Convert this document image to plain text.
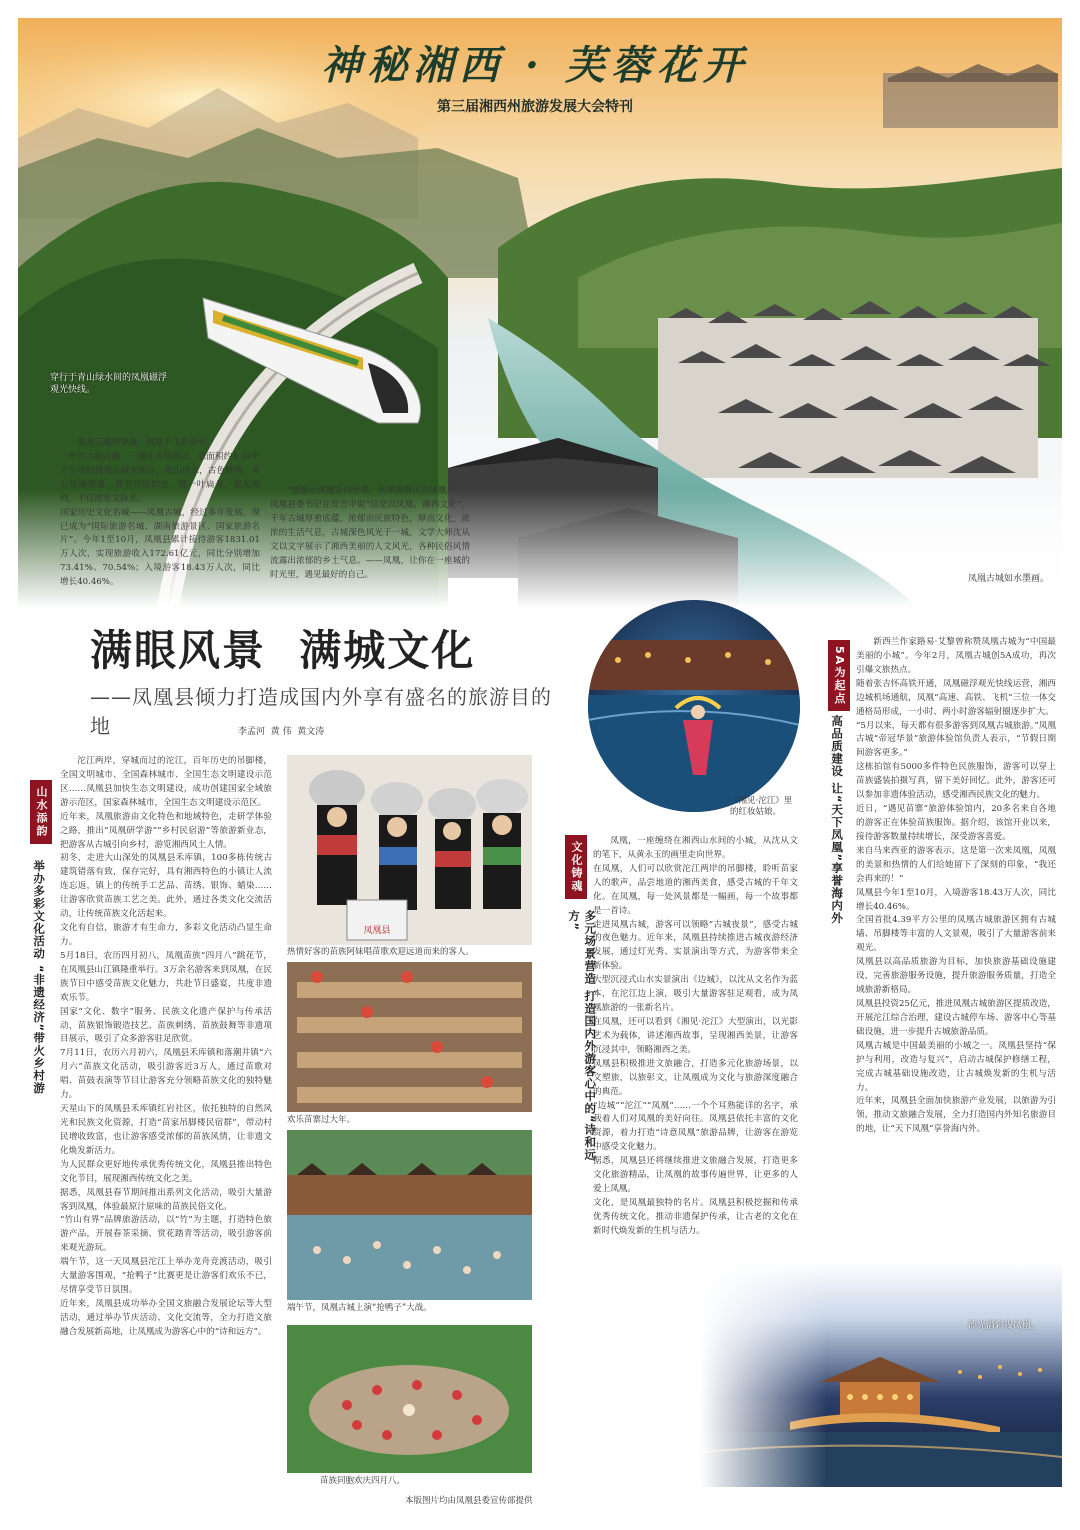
神秘湘西 · 芙蓉花开
第三届湘西州旅游发展大会特刊
穿行于青山绿水间的凤凰磁浮观光快线。
凤凰古城如水墨画。
墨画云湘浮翠黛，凤凰千飞彩幸光。
一些有古韵古城，一湘江水悠悠过。总面积约4.39平方公里的凤凰古城老街区，依山傍水，古色鲜艳，青石板铺街道，观者赏佳的史，撑一叶扁舟，观光湘西，不仅浓是文脉美。
国家历史文化名城——凤凰古城，经过多年发展，现已成为“国际旅游名城、湖南旅游景区、国家旅游名片”。今年1至10月，凤凰县累计接待游客1831.01万人次，实现旅游收入172.61亿元，同比分别增加73.41%、70.54%；入境游客18.43万人次，同比增长40.46%。
“旅游让凤凰走向世界，世界凤凰认识凤凰。”
凤凰县委书记在发言中说“这是以凤凰、湘西文化”，千年古城厚重底蕴，浓郁而民族特色，厚而文化，浓浓的生活气息，古城深色风光于一城，文学大师沈从文以文字展示了湘西美丽的人文风光，各种民俗风情流露出浓郁的乡土气息。——凤凰，让你在一座城的时光里，遇见最好的自己。
满眼风景  满城文化
——凤凰县倾力打造成国内外享有盛名的旅游目的地	李孟河  黄 伟  黄文涛
《湘见·沱江》里的红妆姑娘。
山水添韵
举办多彩文化活动 “非遗经济”带火乡村游
沱江两岸，穿城而过的沱江，百年历史的吊脚楼，全国文明城市、全国森林城市、全国生态文明建设示范区……凤凰县加快生态文明建设，成功创建国家全域旅游示范区，国家森林城市，全国生态文明建设示范区。
近年来，凤凰旅游由文化特色和地域特色，走研学体验之路，推出“凤凰研学游”“乡村民宿游”等旅游新业态，把游客从古城引向乡村，游览湘西风土人情。
初冬，走进大山深处的凤凰县禾库镇，100多栋传统古建筑错落有致，保存完好，具有湘西特色的小镇让人流连忘返，镇上的传统手工艺品、苗绣、银饰、蜡染……让游客欣赏苗族工艺之美。此外，通过各类文化交流活动，让传统苗族文化活起来。
文化有自信，旅游才有生命力，多彩文化活动凸显生命力。
5月18日，农历四月初八，凤凰苗族“四月八”跳花节，在凤凰县山江镇隆重举行。3万余名游客来到凤凰，在民族节日中感受苗族文化魅力，共赴节日盛宴，共度非遗欢乐节。
国家“文化、数字”服务、民族文化遗产保护与传承活动，苗族银饰锻造技艺、苗族刺绣、苗族鼓舞等非遗项目展示，吸引了众多游客驻足欣赏。
7月11日，农历六月初六，凤凰县禾库镇和落潮井镇“六月六”苗族文化活动，吸引游客近3万人，通过苗歌对唱、苗鼓表演等节目让游客充分领略苗族文化的独特魅力。
天星山下的凤凰县禾库镇红岩社区，依托独特的自然风光和民族文化资源，打造“苗家吊脚楼民宿群”，带动村民增收致富，也让游客感受浓郁的苗族风情，让非遗文化焕发新活力。
为人民群众更好地传承优秀传统文化，凤凰县推出特色文化节目，展现湘西传统文化之美。
据悉，凤凰县春节期间推出系列文化活动，吸引大量游客到凤凰，体验最原汁原味的苗族民俗文化。
“竹山有界”品牌旅游活动，以“竹”为主题，打造特色旅游产品，开展春茶采摘、赏花踏青等活动，吸引游客前来观光游玩。
端午节，这一天凤凰县沱江上举办龙舟竞渡活动，吸引大量游客围观，“抢鸭子”比赛更是让游客们欢乐不已，尽情享受节日氛围。
近年来，凤凰县成功举办全国文旅融合发展论坛等大型活动，通过举办节庆活动、文化交流等，全力打造文旅融合发展新高地，让凤凰成为游客心中的“诗和远方”。
凤凰县
热情好客的苗族阿妹唱苗歌欢迎远道而来的客人。
欢乐苗寨过大年。
端午节，凤凰古城上演“抢鸭子”大战。
苗族同胞欢庆四月八。
文化铸魂
多元场景营造 打造国内外游客心中的“诗和远方”
凤凰，一座缠绕在湘西山水间的小城，从沈从文的笔下，从黄永玉的画里走向世界。
在凤凰，人们可以欣赏沱江两岸的吊脚楼，聆听苗家人的歌声，品尝地道的湘西美食，感受古城的千年文化。在凤凰，每一处风景都是一幅画，每一个故事都是一首诗。
走进凤凰古城，游客可以领略“古城夜景”，感受古城的夜色魅力。近年来，凤凰县持续推进古城夜游经济发展，通过灯光秀、实景演出等方式，为游客带来全新体验。
大型沉浸式山水实景演出《边城》，以沈从文名作为蓝本，在沱江边上演，吸引大量游客驻足观看，成为凤凰旅游的一张新名片。
在凤凰，还可以看到《湘见·沱江》大型演出，以光影艺术为载体，讲述湘西故事，呈现湘西美景，让游客沉浸其中，领略湘西之美。
凤凰县积极推进文旅融合，打造多元化旅游场景，以文塑旅，以旅彰文，让凤凰成为文化与旅游深度融合的典范。
“边城”“沱江”“凤凰”……一个个耳熟能详的名字，承载着人们对凤凰的美好向往。凤凰县依托丰富的文化资源，着力打造“诗意凤凰”旅游品牌，让游客在游览中感受文化魅力。
据悉，凤凰县还将继续推进文旅融合发展，打造更多文化旅游精品，让凤凰的故事传遍世界，让更多的人爱上凤凰。
文化，是凤凰最独特的名片。凤凰县积极挖掘和传承优秀传统文化，推动非遗保护传承，让古老的文化在新时代焕发新的生机与活力。
5A为起点
高品质建设 让“天下凤凰”享誉海内外
新西兰作家路易·艾黎曾称赞凤凰古城为“中国最美丽的小城”。今年2月，凤凰古城创5A成功，再次引爆文旅热点。
随着张吉怀高铁开通，凤凰磁浮观光快线运营，湘西边城机场通航，凤凰“高速、高铁、飞机”三位一体交通格局形成，一小时、两小时游客辐射圈逐步扩大。
“5月以来，每天都有很多游客到凤凰古城旅游。”凤凰古城“帝冠华景”旅游体验馆负责人表示，“节假日期间游客更多。”
这栋拍馆有5000多件特色民族服饰，游客可以穿上苗族盛装拍摄写真，留下美好回忆。此外，游客还可以参加非遗体验活动，感受湘西民族文化的魅力。
近日，“遇见苗寨”旅游体验馆内，20多名来自各地的游客正在体验苗族服饰。据介绍，该馆开业以来，接待游客数量持续增长，深受游客喜爱。
来自马来西亚的游客表示，这是第一次来凤凰，凤凰的美景和热情的人们给她留下了深刻的印象，“我还会再来的！”
凤凰县今年1至10月，入境游客18.43万人次，同比增长40.46%。
全国首批4.39平方公里的凤凰古城旅游区拥有古城墙、吊脚楼等丰富的人文景观，吸引了大量游客前来观光。
凤凰县以高品质旅游为目标，加快旅游基础设施建设，完善旅游服务设施，提升旅游服务质量，打造全域旅游新格局。
凤凰县投资25亿元，推进凤凰古城旅游区提质改造，开展沱江综合治理，建设古城停车场、游客中心等基础设施，进一步提升古城旅游品质。
凤凰古城是中国最美丽的小城之一。凤凰县坚持“保护与利用，改造与复兴”，启动古城保护修缮工程，完成古城基础设施改造，让古城焕发新的生机与活力。
近年来，凤凰县全面加快旅游产业发展，以旅游为引领，推动文旅融合发展，全力打造国内外知名旅游目的地，让“天下凤凰”享誉海内外。
流光溢彩夜凤凰。
本版图片均由凤凰县委宣传部提供
